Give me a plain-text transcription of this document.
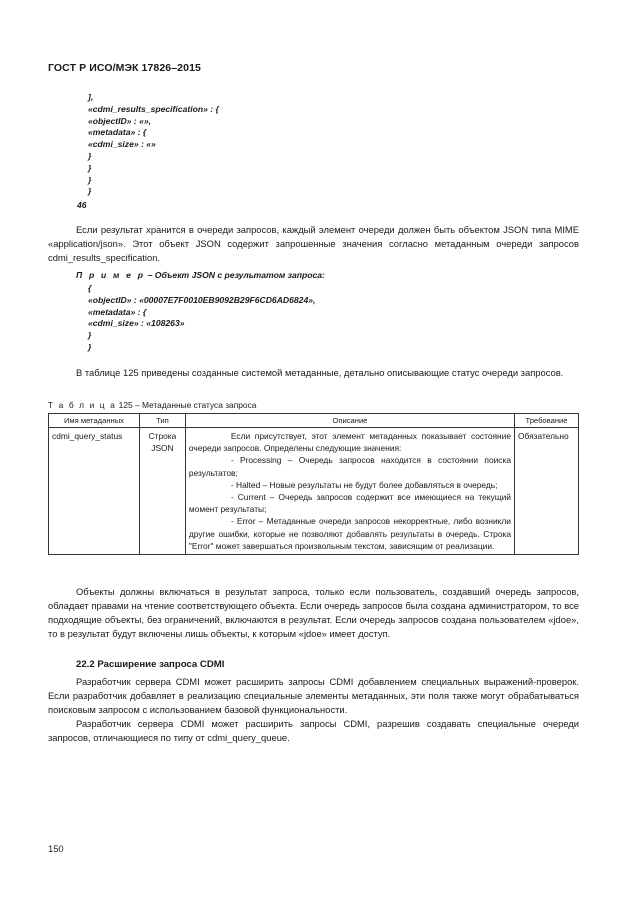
ГОСТ Р ИСО/МЭК 17826–2015
],
«cdmi_results_specification» : {
«objectID» : «»,
«metadata» : {
«cdmi_size» : «»
}
}
}
}
46
Если результат хранится в очереди запросов, каждый элемент очереди должен быть объектом JSON типа MIME «application/json». Этот объект JSON содержит запрошенные значения согласно метаданным очереди запросов cdmi_results_specification.
П р и м е р – Объект JSON с результатом запроса:
{
«objectID» : «00007E7F0010EB9092B29F6CD6AD6824»,
«metadata» : {
«cdmi_size» : «108263»
}
}
В таблице 125 приведены созданные системой метаданные, детально описывающие статус очереди запросов.
Т а б л и ц а 125 – Метаданные статуса запроса
Имя метаданных	Тип	Описание	Требование
cdmi_query_status	Строка JSON	Если присутствует, этот элемент метаданных показывает состояние очереди запросов. Определены следующие значения:
- Processing – Очередь запросов находится в состоянии поиска результатов;
- Halted – Новые результаты не будут более добавляться в очередь;
- Current – Очередь запросов содержит все имеющиеся на текущий момент результаты;
- Error – Метаданные очереди запросов некорректные, либо возникли другие ошибки, которые не позволяют добавлять результаты в очередь. Строка "Error" может завершаться произвольным текстом, зависящим от реализации.	Обязательно
Объекты должны включаться в результат запроса, только если пользователь, создавший очередь запросов, обладает правами на чтение соответствующего объекта. Если очередь запросов была создана администратором, то все подходящие объекты, без ограничений, включаются в результат. Если очередь запросов создана пользователем «jdoe», то в результат будут включены лишь объекты, к которым «jdoe» имеет доступ.
22.2 Расширение запроса CDMI
Разработчик сервера CDMI может расширить запросы CDMI добавлением специальных выражений-проверок. Если разработчик добавляет в реализацию специальные элементы метаданных, эти поля также могут обрабатываться поисковым запросом с использованием базовой функциональности.
Разработчик сервера CDMI может расширить запросы CDMI, разрешив создавать специальные очереди запросов, отличающиеся по типу от cdmi_query_queue.
150
